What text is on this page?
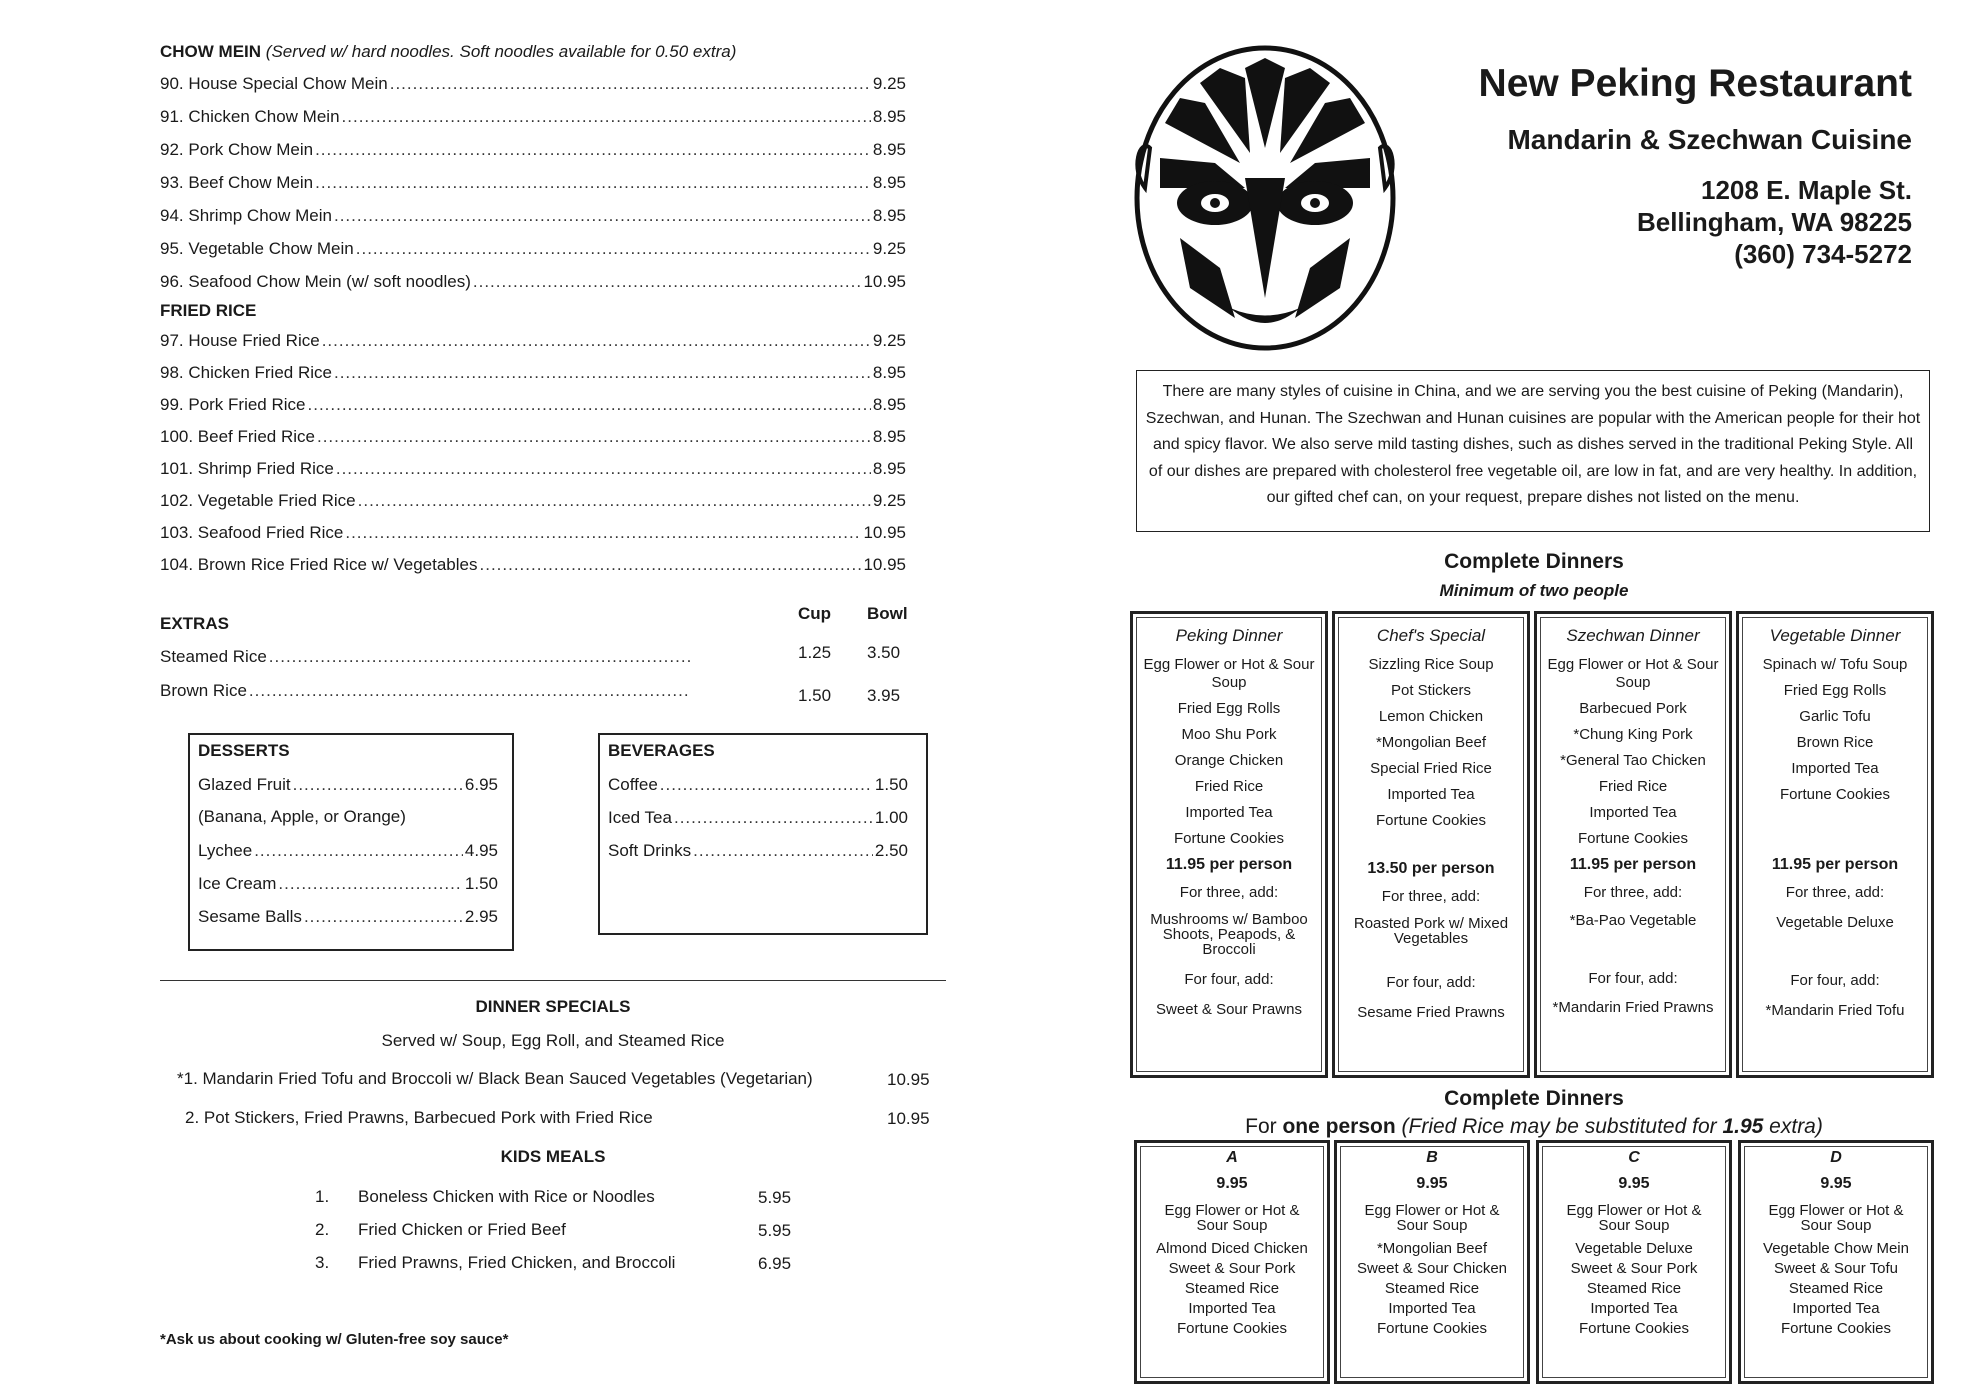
CHOW MEIN (Served w/ hard noodles. Soft noodles available for 0.50 extra)
90. House Special Chow Mein .....	9.25
91. Chicken Chow Mein .....	8.95
92. Pork Chow Mein .....	8.95
93. Beef Chow Mein .....	8.95
94. Shrimp Chow Mein .....	8.95
95. Vegetable Chow Mein .....	9.25
96. Seafood Chow Mein (w/ soft noodles) .....	10.95
FRIED RICE
97. House Fried Rice .....	9.25
98. Chicken Fried Rice .....	8.95
99. Pork Fried Rice .....	8.95
100. Beef Fried Rice .....	8.95
101. Shrimp Fried Rice .....	8.95
102. Vegetable Fried Rice .....	9.25
103. Seafood Fried Rice .....	10.95
104. Brown Rice Fried Rice w/ Vegetables .....	10.95
EXTRAS
Cup Bowl
Steamed Rice .....	1.25 3.50
Brown Rice .....	1.50 3.95
DESSERTS
Glazed Fruit .....	6.95
(Banana, Apple, or Orange)
Lychee .....	4.95
Ice Cream .....	1.50
Sesame Balls .....	2.95
BEVERAGES
Coffee .....	1.50
Iced Tea .....	1.00
Soft Drinks .....	2.50
DINNER SPECIALS
Served w/ Soup, Egg Roll, and Steamed Rice
*1. Mandarin Fried Tofu and Broccoli w/ Black Bean Sauced Vegetables (Vegetarian)	10.95
2. Pot Stickers, Fried Prawns, Barbecued Pork with Fried Rice	10.95
KIDS MEALS
1. Boneless Chicken with Rice or Noodles	5.95
2. Fried Chicken or Fried Beef	5.95
3. Fried Prawns, Fried Chicken, and Broccoli	6.95
*Ask us about cooking w/ Gluten-free soy sauce*
New Peking Restaurant
Mandarin & Szechwan Cuisine
1208 E. Maple St.
Bellingham, WA 98225
(360) 734-5272
There are many styles of cuisine in China, and we are serving you the best cuisine of Peking (Mandarin), Szechwan, and Hunan. The Szechwan and Hunan cuisines are popular with the American people for their hot and spicy flavor. We also serve mild tasting dishes, such as dishes served in the traditional Peking Style. All of our dishes are prepared with cholesterol free vegetable oil, are low in fat, and are very healthy. In addition, our gifted chef can, on your request, prepare dishes not listed on the menu.
Complete Dinners
Minimum of two people
Peking Dinner
Egg Flower or Hot & Sour Soup
Fried Egg Rolls
Moo Shu Pork
Orange Chicken
Fried Rice
Imported Tea
Fortune Cookies
11.95 per person
For three, add:
Mushrooms w/ Bamboo Shoots, Peapods, & Broccoli
For four, add:
Sweet & Sour Prawns
Chef's Special
Sizzling Rice Soup
Pot Stickers
Lemon Chicken
*Mongolian Beef
Special Fried Rice
Imported Tea
Fortune Cookies
13.50 per person
For three, add:
Roasted Pork w/ Mixed Vegetables
For four, add:
Sesame Fried Prawns
Szechwan Dinner
Egg Flower or Hot & Sour Soup
Barbecued Pork
*Chung King Pork
*General Tao Chicken
Fried Rice
Imported Tea
Fortune Cookies
11.95 per person
For three, add:
*Ba-Pao Vegetable
For four, add:
*Mandarin Fried Prawns
Vegetable Dinner
Spinach w/ Tofu Soup
Fried Egg Rolls
Garlic Tofu
Brown Rice
Imported Tea
Fortune Cookies
11.95 per person
For three, add:
Vegetable Deluxe
For four, add:
*Mandarin Fried Tofu
Complete Dinners
For one person (Fried Rice may be substituted for 1.95 extra)
A
9.95
Egg Flower or Hot & Sour Soup
Almond Diced Chicken
Sweet & Sour Pork
Steamed Rice
Imported Tea
Fortune Cookies
B
9.95
Egg Flower or Hot & Sour Soup
*Mongolian Beef
Sweet & Sour Chicken
Steamed Rice
Imported Tea
Fortune Cookies
C
9.95
Egg Flower or Hot & Sour Soup
Vegetable Deluxe
Sweet & Sour Pork
Steamed Rice
Imported Tea
Fortune Cookies
D
9.95
Egg Flower or Hot & Sour Soup
Vegetable Chow Mein
Sweet & Sour Tofu
Steamed Rice
Imported Tea
Fortune Cookies
